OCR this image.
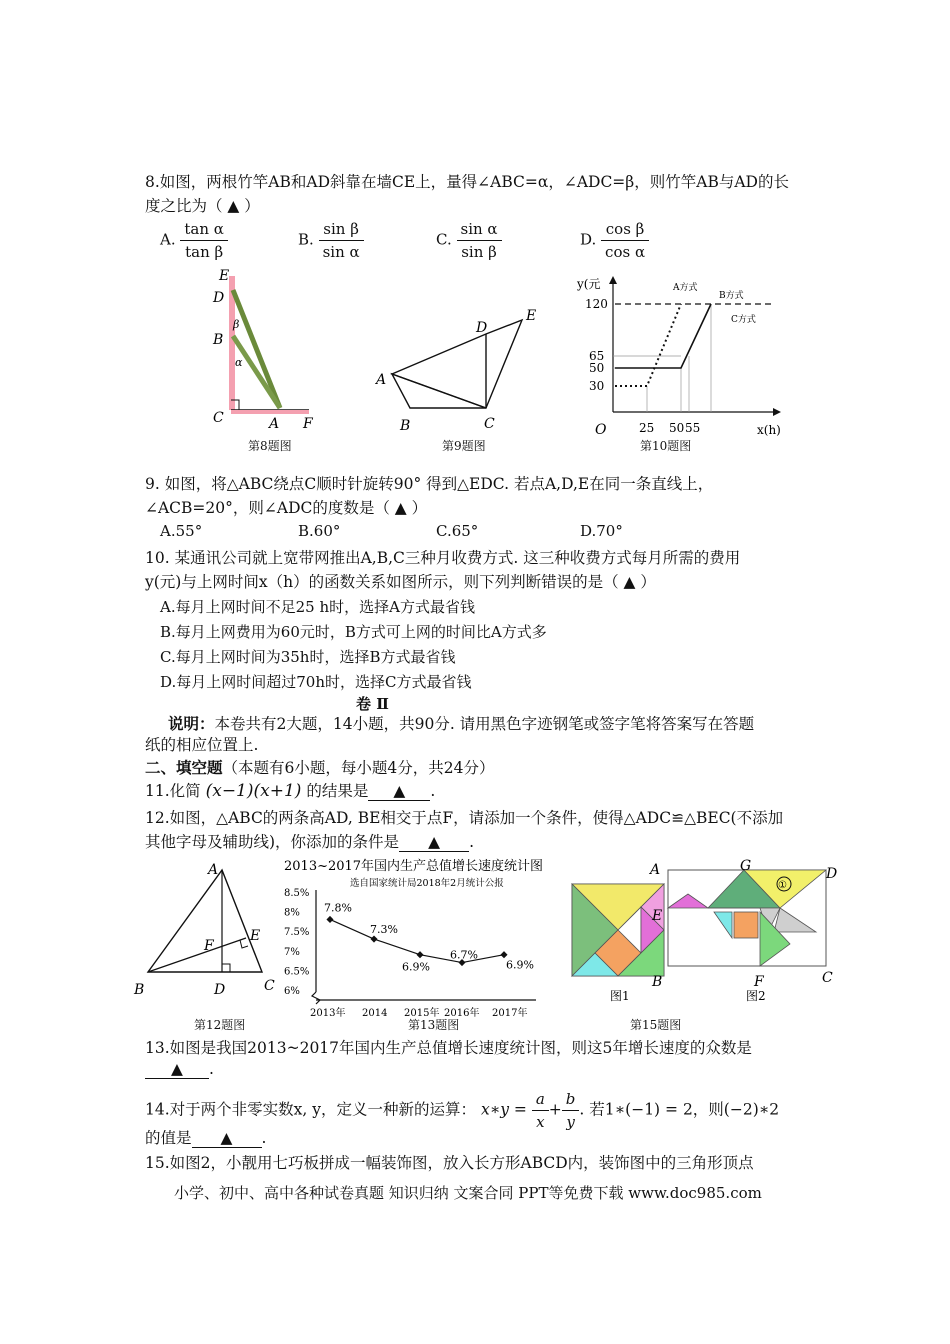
8.如图，两根竹竿AB和AD斜靠在墙CE上，量得∠ABC=α，∠ADC=β，则竹竿AB与AD的长
度之比为（ ▲ ）
A. $\frac{\text{tan α}}{\text{tan β}}$	B. $\frac{\text{sin β}}{\text{sin α}}$	C. $\frac{\text{sin α}}{\text{sin β}}$	D. $\frac{\text{cos β}}{\text{cos α}}$
E
D
β
B
α
C	A F
第8题图
A
B	C
D
E
第9题图
y(元
120
65
50
30
25 50 55
O	x(h)
A方式
B方式
C方式
第10题图
9. 如图，将△ABC绕点C顺时针旋转90° 得到△EDC. 若点A,D,E在同一条直线上，
∠ACB=20°，则∠ADC的度数是（ ▲ ）
A.55°	B.60°	C.65°	D.70°
10. 某通讯公司就上宽带网推出A,B,C三种月收费方式. 这三种收费方式每月所需的费用
y(元)与上网时间x（h）的函数关系如图所示，则下列判断错误的是（ ▲ ）
A.每月上网时间不足25 h时，选择A方式最省钱
B.每月上网费用为60元时，B方式可上网的时间比A方式多
C.每月上网时间为35h时，选择B方式最省钱
D.每月上网时间超过70h时，选择C方式最省钱
卷 Ⅱ
说明：本卷共有2大题，14小题，共90分. 请用黑色字迹钢笔或签字笔将答案写在答题
纸的相应位置上.
二、填空题（本题有6小题，每小题4分，共24分）
11.化简 (x−1)(x+1) 的结果是 ▲ .
12.如图，△ABC的两条高AD, BE相交于点F，请添加一个条件，使得△ADC≌△BEC(不添加
其他字母及辅助线)，你添加的条件是 ▲ .
A
B	C
D
E
F
第12题图
2013~2017年国内生产总值增长速度统计图
选自国家统计局2018年2月统计公报
8.5%
8%
7.5%
7%
6.5%
6%
7.8%
7.3%
6.9%
6.7%
6.9%
2013年 2014 2015年 2016年 2017年
第13题图
A	G	D
①
E
B	F	C
图1	图2
第15题图
13.如图是我国2013~2017年国内生产总值增长速度统计图，则这5年增长速度的众数是
▲ .
14.对于两个非零实数x, y，定义一种新的运算： x∗y = $\frac{a}{x} + \frac{b}{y}$ . 若1∗(−1) = 2，则(−2)∗2
的值是 ▲ .
15.如图2，小靓用七巧板拼成一幅装饰图，放入长方形ABCD内，装饰图中的三角形顶点
小学、初中、高中各种试卷真题 知识归纳 文案合同 PPT等免费下载 www.doc985.com
